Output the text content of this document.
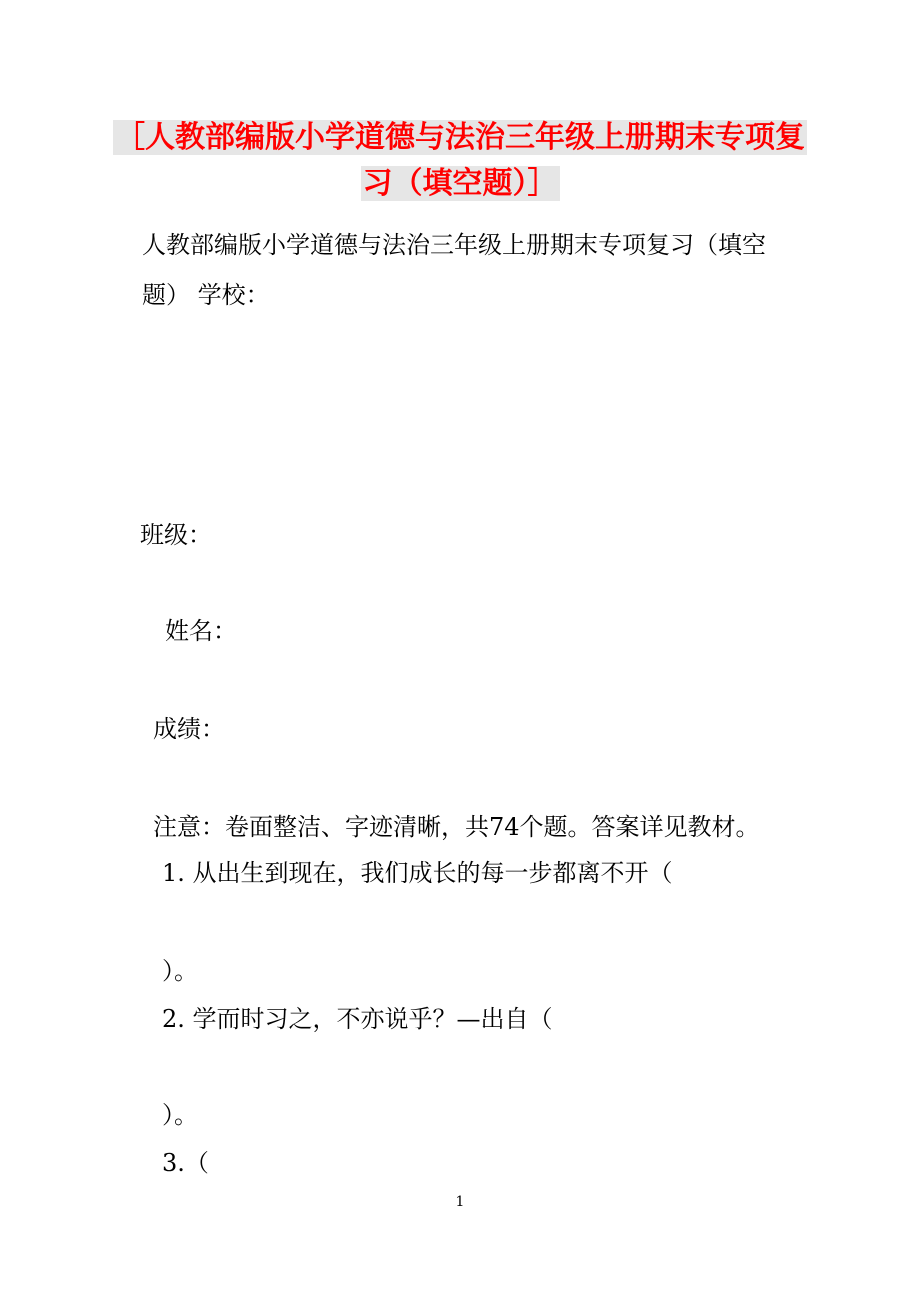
［人教部编版小学道德与法治三年级上册期末专项复
习（填空题）］
人教部编版小学道德与法治三年级上册期末专项复习（填空
题） 学校：
班级：
姓名：
成绩：
注意：卷面整洁、字迹清晰，共74个题。答案详见教材。
1. 从出生到现在，我们成长的每一步都离不开（
）。
2. 学而时习之，不亦说乎？—出自（
）。
3.（
1
